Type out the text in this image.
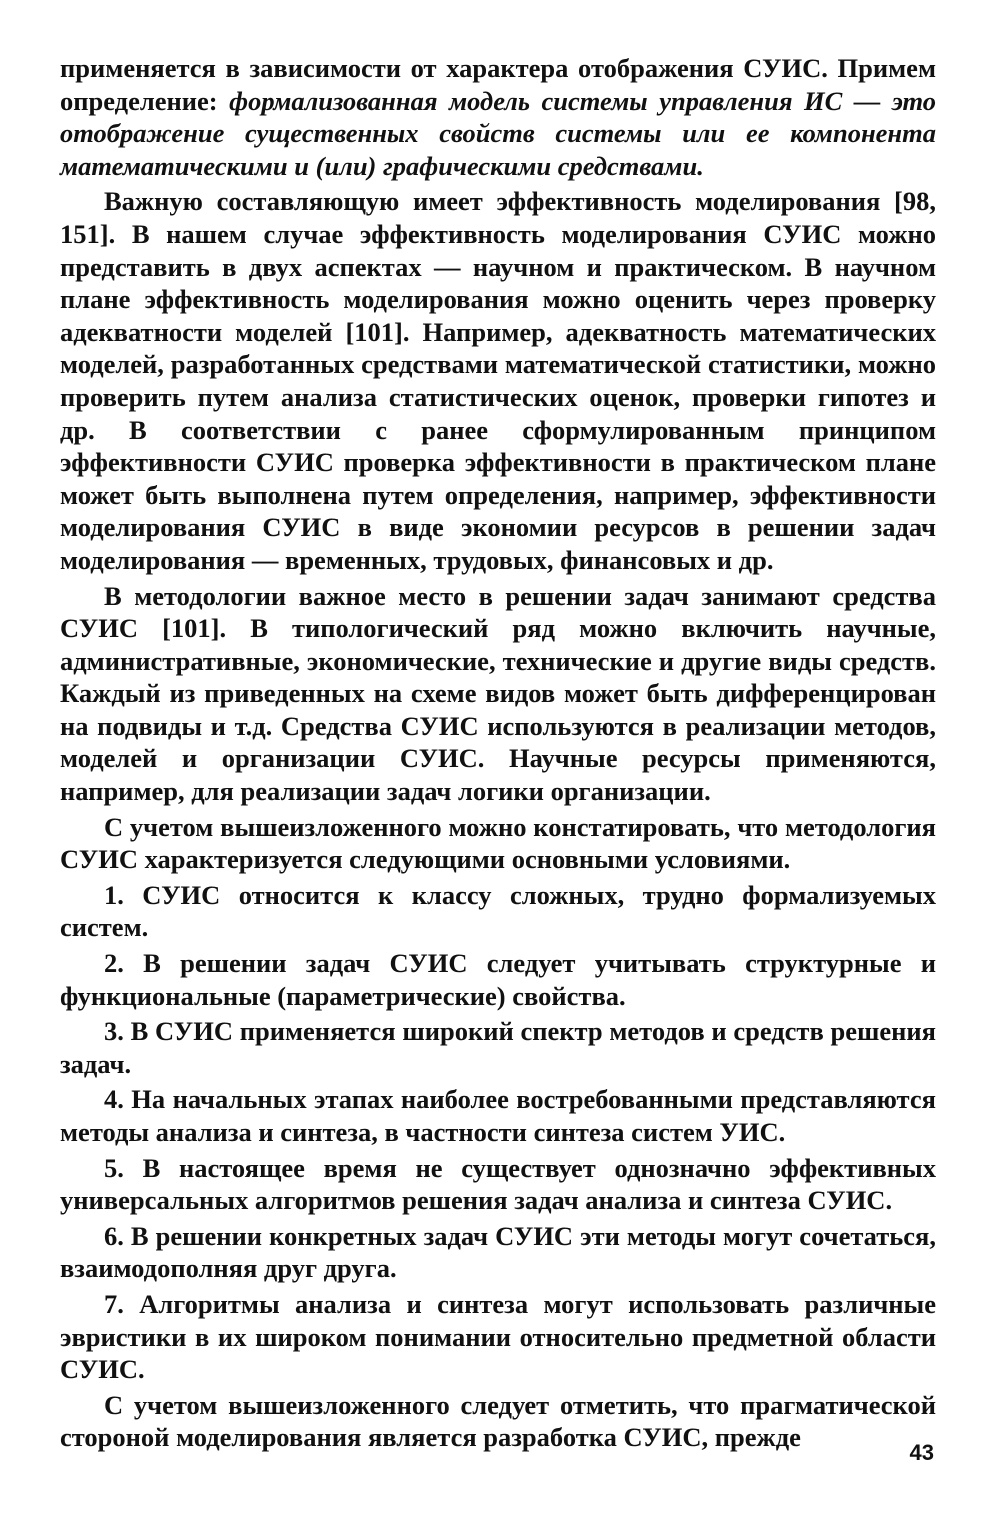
применяется в зависимости от характера отображения СУИС. Примем определение: формализованная модель системы управления ИС — это отображение существенных свойств системы или ее компонента математическими и (или) графическими средствами.

Важную составляющую имеет эффективность моделирования [98, 151]. В нашем случае эффективность моделирования СУИС можно представить в двух аспектах — научном и практическом. В научном плане эффективность моделирования можно оценить через проверку адекватности моделей [101]. Например, адекватность математических моделей, разработанных средствами математической статистики, можно проверить путем анализа статистических оценок, проверки гипотез и др. В соответствии с ранее сформулированным принципом эффективности СУИС проверка эффективности в практическом плане может быть выполнена путем определения, например, эффективности моделирования СУИС в виде экономии ресурсов в решении задач моделирования — временных, трудовых, финансовых и др.

В методологии важное место в решении задач занимают средства СУИС [101]. В типологический ряд можно включить научные, административные, экономические, технические и другие виды средств. Каждый из приведенных на схеме видов может быть дифференцирован на подвиды и т.д. Средства СУИС используются в реализации методов, моделей и организации СУИС. Научные ресурсы применяются, например, для реализации задач логики организации.

С учетом вышеизложенного можно констатировать, что методология СУИС характеризуется следующими основными условиями.

1. СУИС относится к классу сложных, трудно формализуемых систем.

2. В решении задач СУИС следует учитывать структурные и функциональные (параметрические) свойства.

3. В СУИС применяется широкий спектр методов и средств решения задач.

4. На начальных этапах наиболее востребованными представляются методы анализа и синтеза, в частности синтеза систем УИС.

5. В настоящее время не существует однозначно эффективных универсальных алгоритмов решения задач анализа и синтеза СУИС.

6. В решении конкретных задач СУИС эти методы могут сочетаться, взаимодополняя друг друга.

7. Алгоритмы анализа и синтеза могут использовать различные эвристики в их широком понимании относительно предметной области СУИС.

С учетом вышеизложенного следует отметить, что прагматической стороной моделирования является разработка СУИС, прежде

43
